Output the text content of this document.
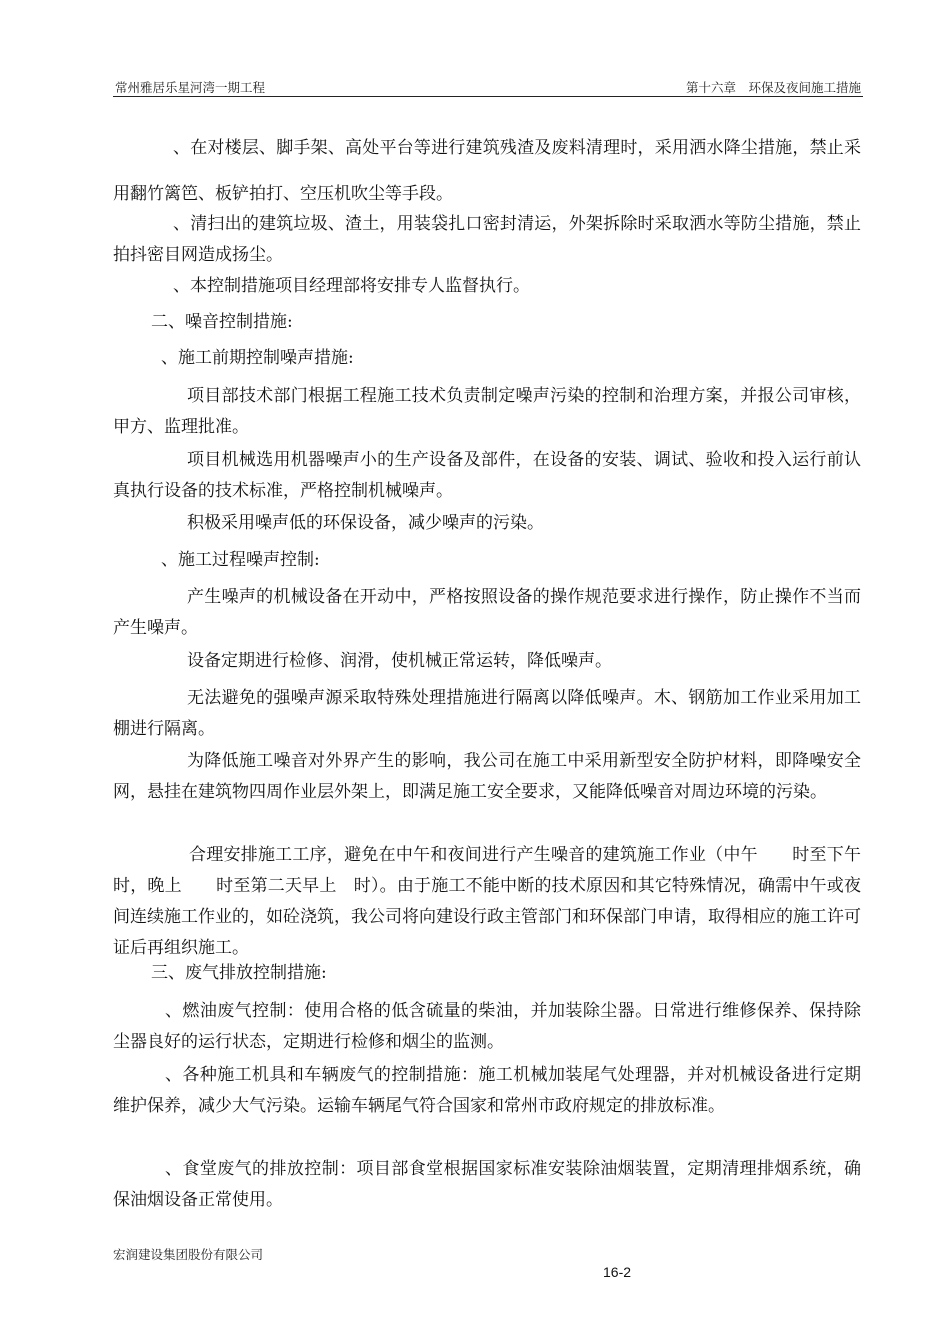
常州雅居乐星河湾一期工程	第十六章　环保及夜间施工措施

、在对楼层、脚手架、高处平台等进行建筑残渣及废料清理时，采用洒水降尘措施，禁止采用翻竹篱笆、板铲拍打、空压机吹尘等手段。

、清扫出的建筑垃圾、渣土，用装袋扎口密封清运，外架拆除时采取洒水等防尘措施，禁止拍抖密目网造成扬尘。

、本控制措施项目经理部将安排专人监督执行。

二、噪音控制措施:

、施工前期控制噪声措施:

项目部技术部门根据工程施工技术负责制定噪声污染的控制和治理方案，并报公司审核，甲方、监理批准。

项目机械选用机器噪声小的生产设备及部件，在设备的安装、调试、验收和投入运行前认真执行设备的技术标准，严格控制机械噪声。

积极采用噪声低的环保设备，减少噪声的污染。

、施工过程噪声控制:

产生噪声的机械设备在开动中，严格按照设备的操作规范要求进行操作，防止操作不当而产生噪声。

设备定期进行检修、润滑，使机械正常运转，降低噪声。

无法避免的强噪声源采取特殊处理措施进行隔离以降低噪声。木、钢筋加工作业采用加工棚进行隔离。

为降低施工噪音对外界产生的影响，我公司在施工中采用新型安全防护材料，即降噪安全网，悬挂在建筑物四周作业层外架上，即满足施工安全要求，又能降低噪音对周边环境的污染。

合理安排施工工序，避免在中午和夜间进行产生噪音的建筑施工作业（中午　　时至下午　时，晚上　　时至第二天早上　时）。由于施工不能中断的技术原因和其它特殊情况，确需中午或夜间连续施工作业的，如砼浇筑，我公司将向建设行政主管部门和环保部门申请，取得相应的施工许可证后再组织施工。

三、废气排放控制措施:

、燃油废气控制：使用合格的低含硫量的柴油，并加装除尘器。日常进行维修保养、保持除尘器良好的运行状态，定期进行检修和烟尘的监测。

、各种施工机具和车辆废气的控制措施：施工机械加装尾气处理器，并对机械设备进行定期维护保养，减少大气污染。运输车辆尾气符合国家和常州市政府规定的排放标准。

、食堂废气的排放控制：项目部食堂根据国家标准安装除油烟装置，定期清理排烟系统，确保油烟设备正常使用。

宏润建设集团股份有限公司
16-2
